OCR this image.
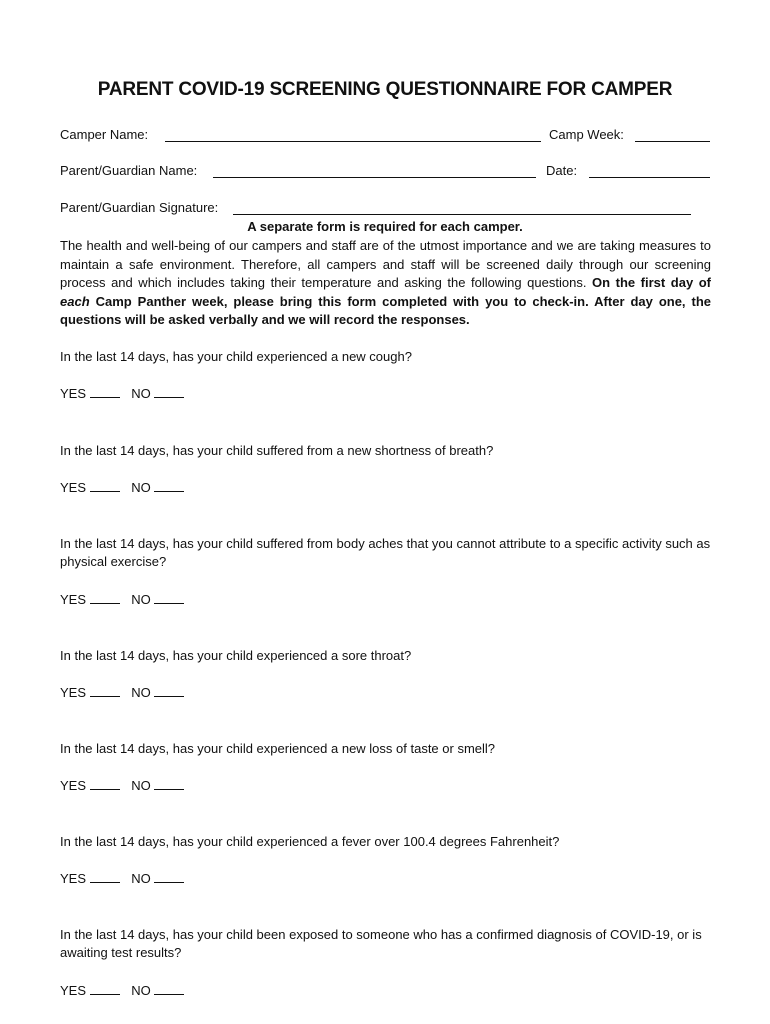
PARENT COVID-19 SCREENING QUESTIONNAIRE FOR CAMPER
Camper Name:	Camp Week:
Parent/Guardian Name:	Date:
Parent/Guardian Signature:
A separate form is required for each camper.
The health and well-being of our campers and staff are of the utmost importance and we are taking measures to maintain a safe environment. Therefore, all campers and staff will be screened daily through our screening process and which includes taking their temperature and asking the following questions. On the first day of each Camp Panther week, please bring this form completed with you to check-in. After day one, the questions will be asked verbally and we will record the responses.
In the last 14 days, has your child experienced a new cough?
YES	NO
In the last 14 days, has your child suffered from a new shortness of breath?
YES	NO
In the last 14 days, has your child suffered from body aches that you cannot attribute to a specific activity such as physical exercise?
YES	NO
In the last 14 days, has your child experienced a sore throat?
YES	NO
In the last 14 days, has your child experienced a new loss of taste or smell?
YES	NO
In the last 14 days, has your child experienced a fever over 100.4 degrees Fahrenheit?
YES	NO
In the last 14 days, has your child been exposed to someone who has a confirmed diagnosis of COVID-19, or is awaiting test results?
YES	NO
